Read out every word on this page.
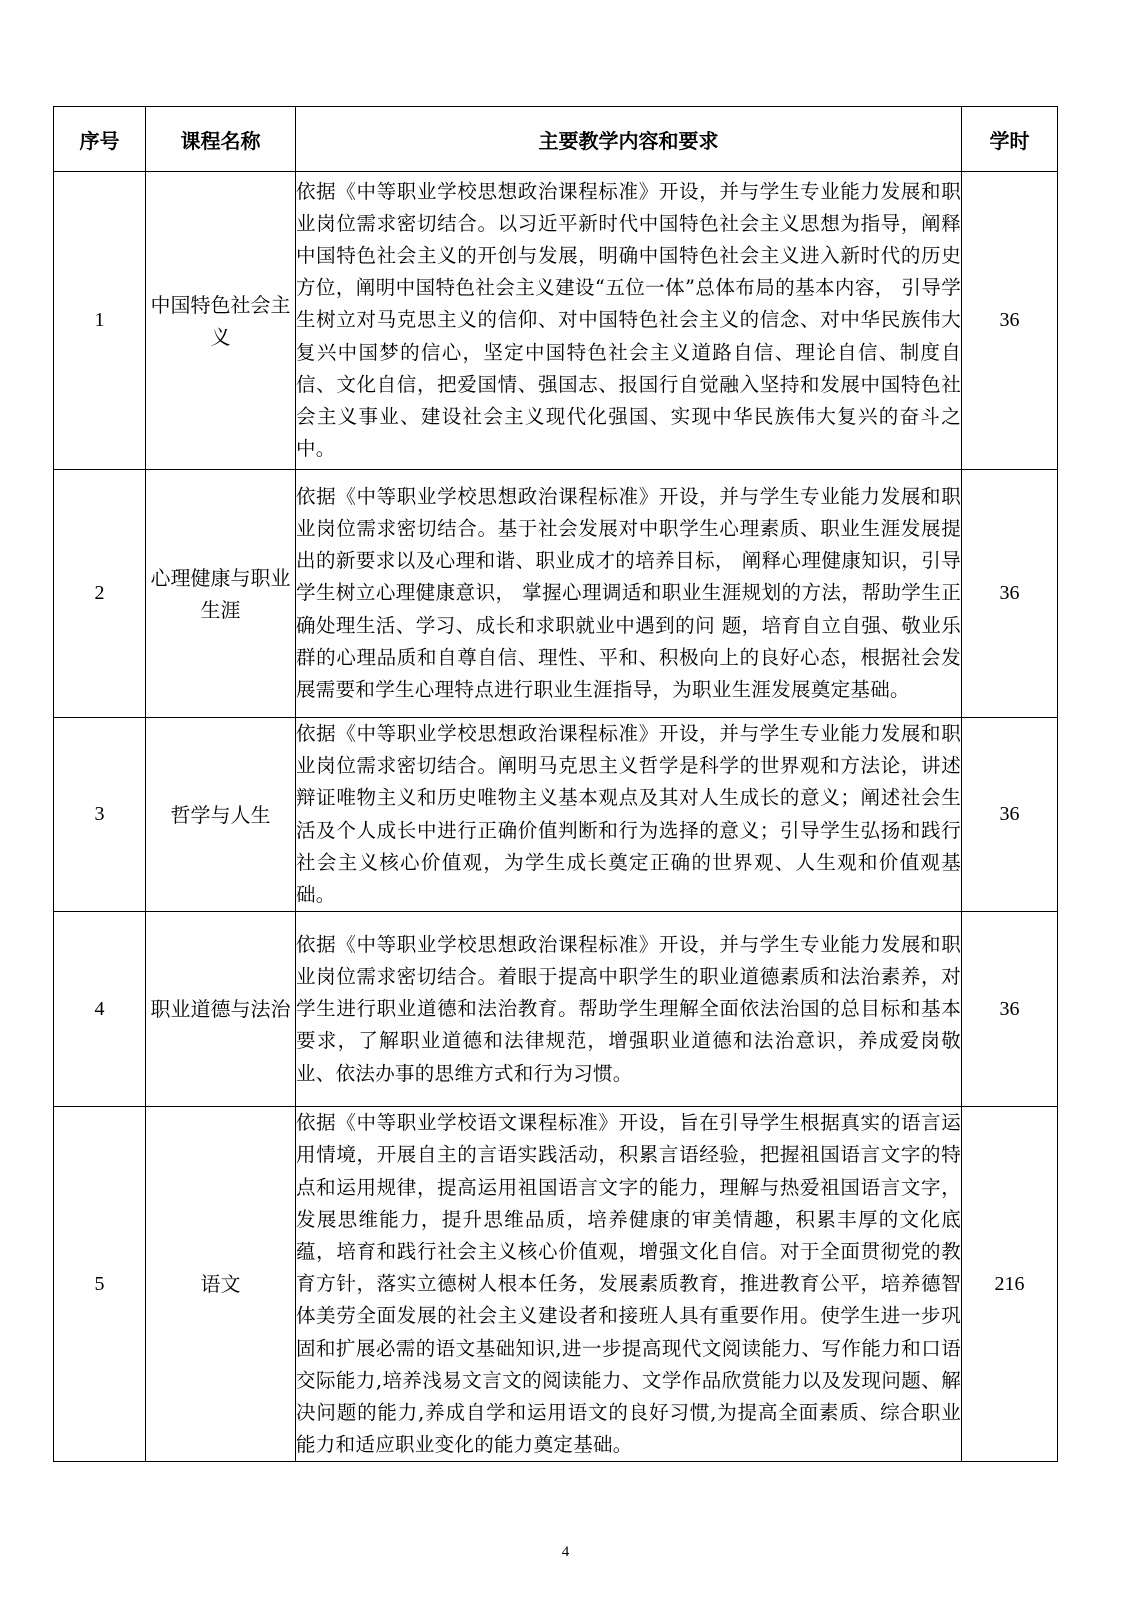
序号	课程名称	主要教学内容和要求	学时
1	中国特色社会主义	依据《中等职业学校思想政治课程标准》开设，并与学生专业能力发展和职业岗位需求密切结合。以习近平新时代中国特色社会主义思想为指导，阐释中国特色社会主义的开创与发展，明确中国特色社会主义进入新时代的历史方位，阐明中国特色社会主义建设“五位一体”总体布局的基本内容， 引导学生树立对马克思主义的信仰、对中国特色社会主义的信念、对中华民族伟大复兴中国梦的信心，坚定中国特色社会主义道路自信、理论自信、制度自信、文化自信，把爱国情、强国志、报国行自觉融入坚持和发展中国特色社会主义事业、建设社会主义现代化强国、实现中华民族伟大复兴的奋斗之中。	36
2	心理健康与职业生涯	依据《中等职业学校思想政治课程标准》开设，并与学生专业能力发展和职业岗位需求密切结合。基于社会发展对中职学生心理素质、职业生涯发展提出的新要求以及心理和谐、职业成才的培养目标， 阐释心理健康知识，引导学生树立心理健康意识， 掌握心理调适和职业生涯规划的方法，帮助学生正确处理生活、学习、成长和求职就业中遇到的问 题，培育自立自强、敬业乐群的心理品质和自尊自信、理性、平和、积极向上的良好心态，根据社会发展需要和学生心理特点进行职业生涯指导，为职业生涯发展奠定基础。	36
3	哲学与人生	依据《中等职业学校思想政治课程标准》开设，并与学生专业能力发展和职业岗位需求密切结合。阐明马克思主义哲学是科学的世界观和方法论，讲述辩证唯物主义和历史唯物主义基本观点及其对人生成长的意义；阐述社会生活及个人成长中进行正确价值判断和行为选择的意义；引导学生弘扬和践行社会主义核心价值观，为学生成长奠定正确的世界观、人生观和价值观基础。	36
4	职业道德与法治	依据《中等职业学校思想政治课程标准》开设，并与学生专业能力发展和职业岗位需求密切结合。着眼于提高中职学生的职业道德素质和法治素养，对学生进行职业道德和法治教育。帮助学生理解全面依法治国的总目标和基本要求，了解职业道德和法律规范，增强职业道德和法治意识，养成爱岗敬业、依法办事的思维方式和行为习惯。	36
5	语文	依据《中等职业学校语文课程标准》开设，旨在引导学生根据真实的语言运用情境，开展自主的言语实践活动，积累言语经验，把握祖国语言文字的特点和运用规律，提高运用祖国语言文字的能力，理解与热爱祖国语言文字，发展思维能力，提升思维品质，培养健康的审美情趣，积累丰厚的文化底蕴，培育和践行社会主义核心价值观，增强文化自信。对于全面贯彻党的教育方针，落实立德树人根本任务，发展素质教育，推进教育公平，培养德智体美劳全面发展的社会主义建设者和接班人具有重要作用。使学生进一步巩固和扩展必需的语文基础知识,进一步提高现代文阅读能力、写作能力和口语交际能力,培养浅易文言文的阅读能力、文学作品欣赏能力以及发现问题、解决问题的能力,养成自学和运用语文的良好习惯,为提高全面素质、综合职业能力和适应职业变化的能力奠定基础。	216
4
